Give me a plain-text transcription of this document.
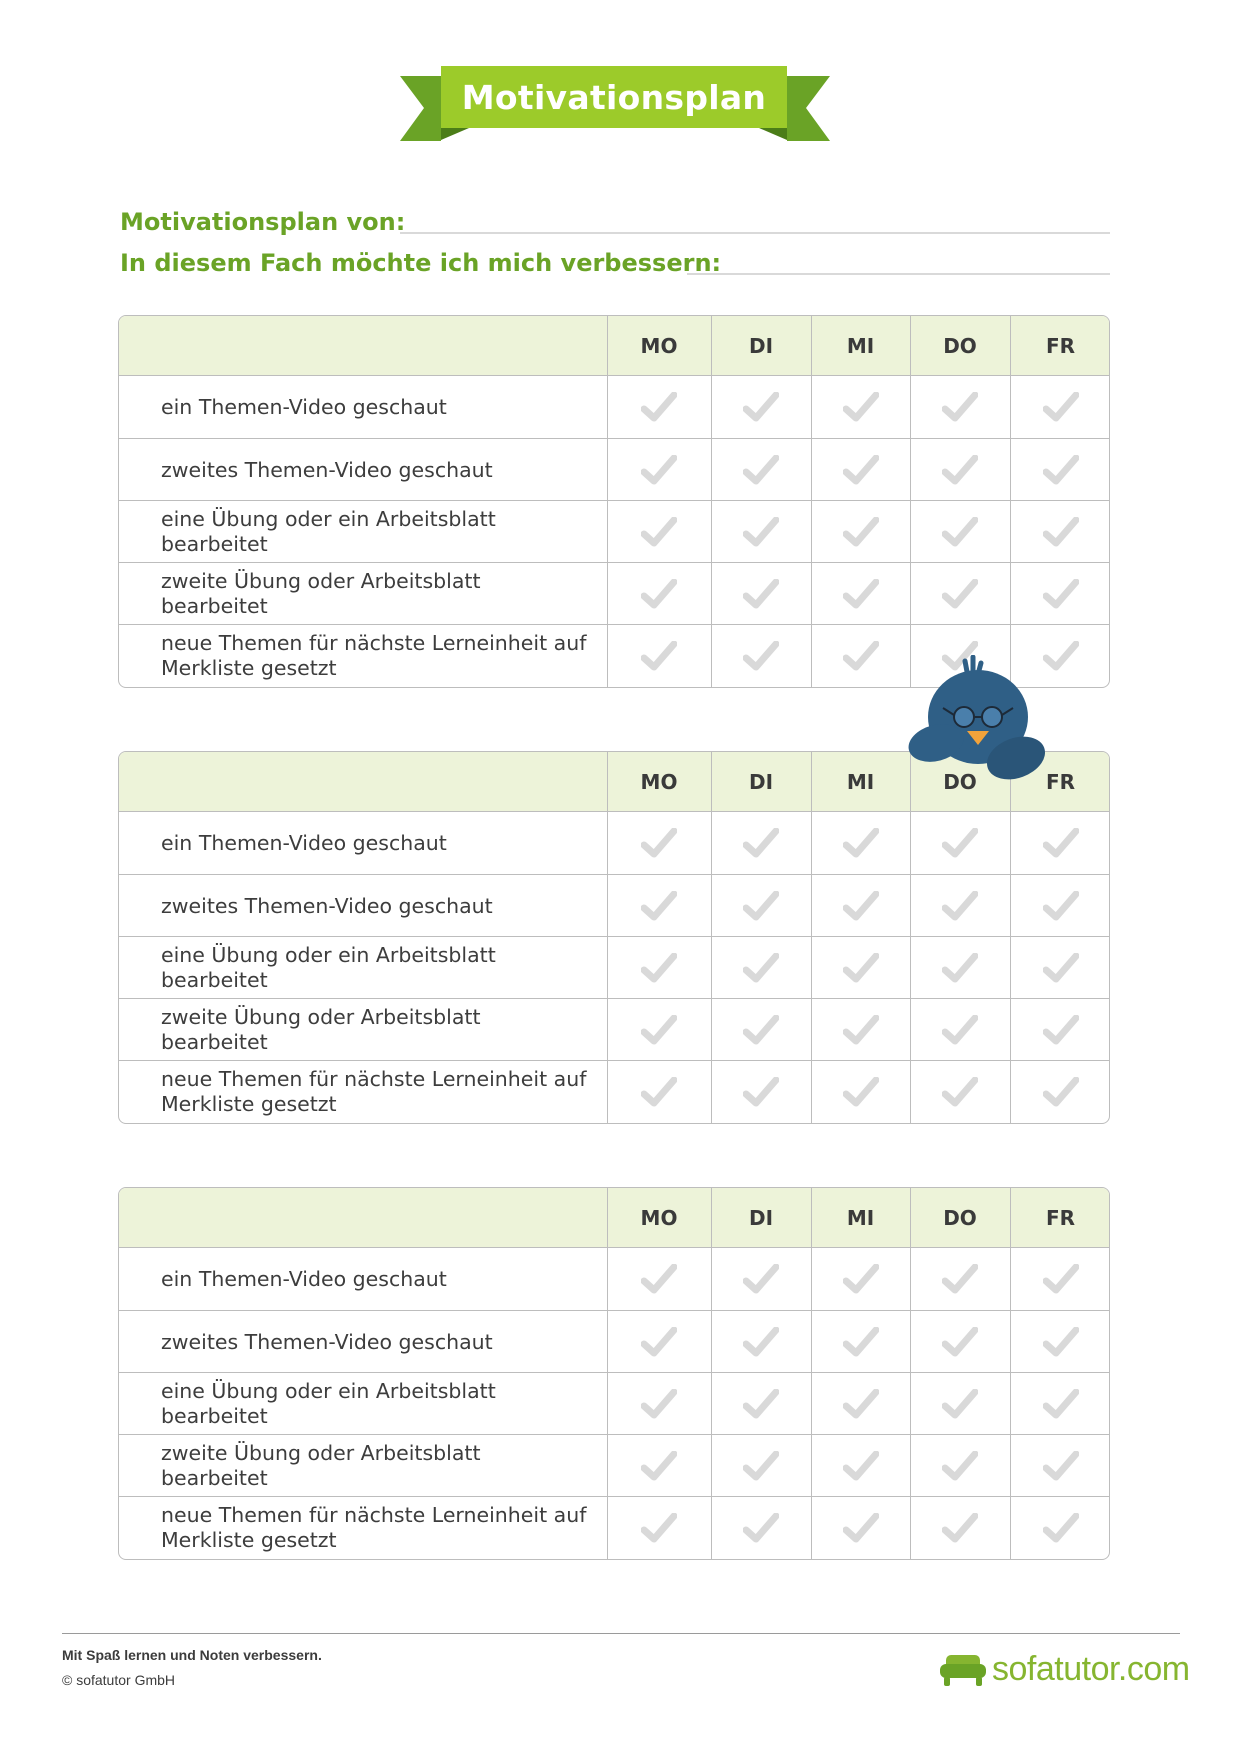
Motivationsplan
Motivationsplan von:
In diesem Fach möchte ich mich verbessern:
MO	DI	MI	DO	FR
ein Themen-Video geschaut
zweites Themen-Video geschaut
eine Übung oder ein Arbeitsblatt bearbeitet
zweite Übung oder Arbeitsblatt bearbeitet
neue Themen für nächste Lerneinheit auf Merkliste gesetzt
MO	DI	MI	DO	FR
ein Themen-Video geschaut
zweites Themen-Video geschaut
eine Übung oder ein Arbeitsblatt bearbeitet
zweite Übung oder Arbeitsblatt bearbeitet
neue Themen für nächste Lerneinheit auf Merkliste gesetzt
MO	DI	MI	DO	FR
ein Themen-Video geschaut
zweites Themen-Video geschaut
eine Übung oder ein Arbeitsblatt bearbeitet
zweite Übung oder Arbeitsblatt bearbeitet
neue Themen für nächste Lerneinheit auf Merkliste gesetzt
Mit Spaß lernen und Noten verbessern.
© sofatutor GmbH	sofatutor.com
